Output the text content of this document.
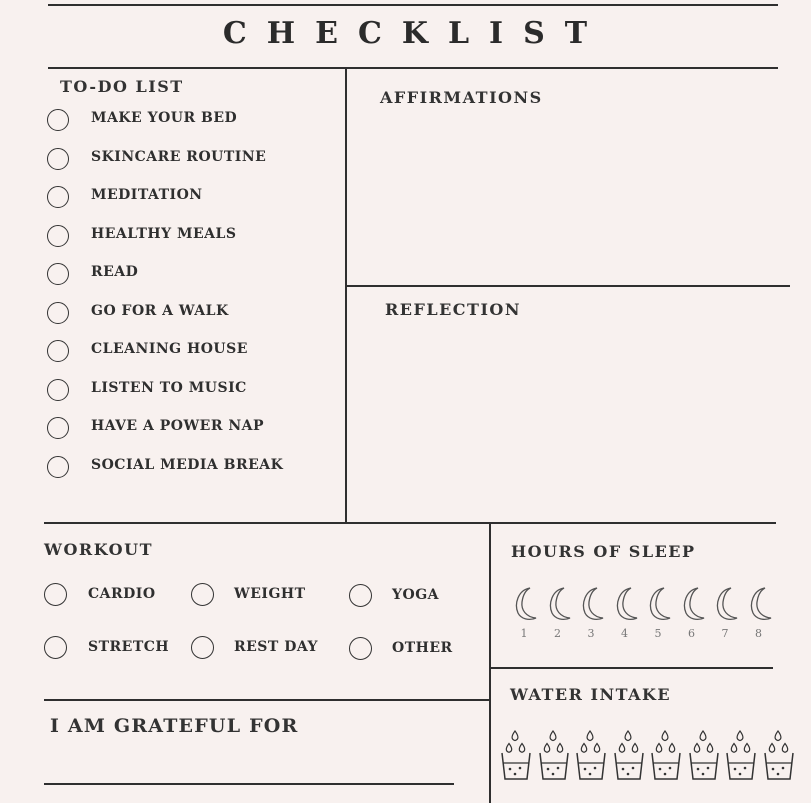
CHECKLIST
TO-DO LIST
MAKE YOUR BED
SKINCARE ROUTINE
MEDITATION
HEALTHY MEALS
READ
GO FOR A WALK
CLEANING HOUSE
LISTEN TO MUSIC
HAVE A POWER NAP
SOCIAL MEDIA BREAK
AFFIRMATIONS
REFLECTION
WORKOUT
CARDIO	WEIGHT	YOGA
STRETCH	REST DAY	OTHER
HOURS OF SLEEP
1	2	3	4	5	6	7	8
WATER INTAKE
I AM GRATEFUL FOR
